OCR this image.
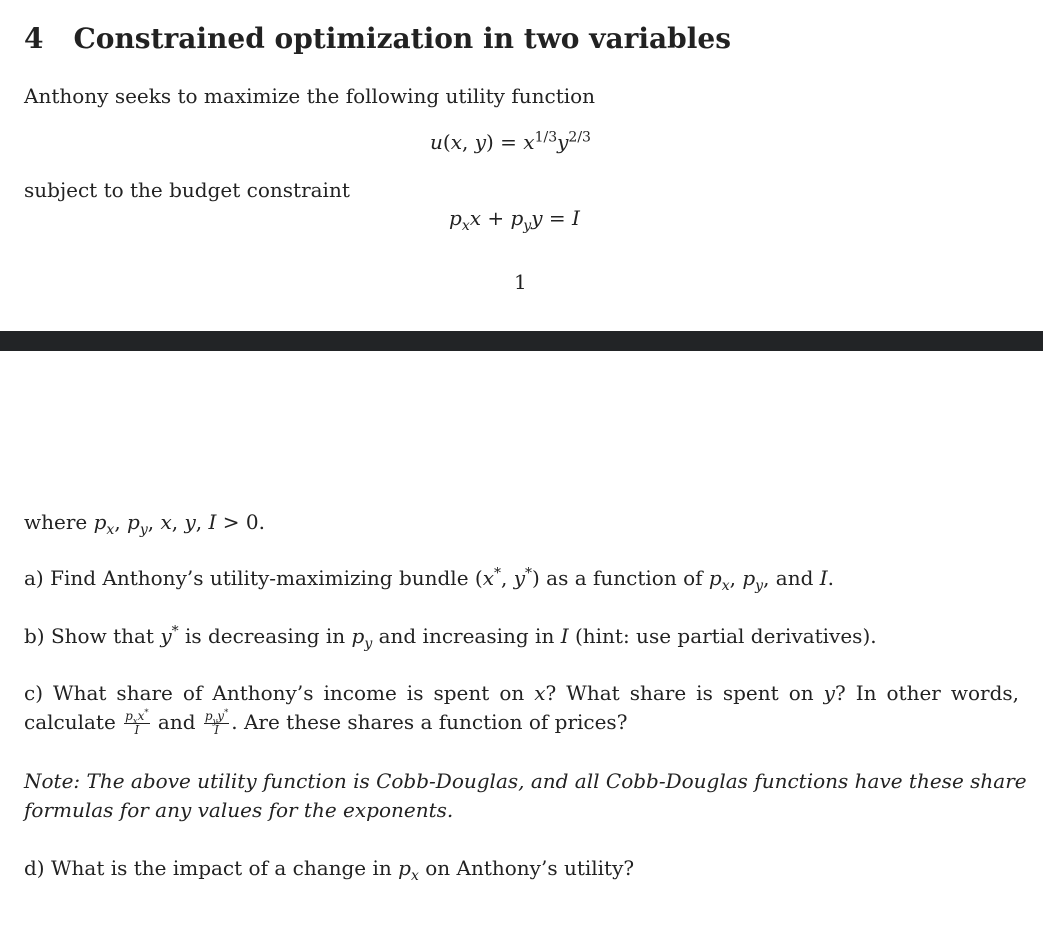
4 Constrained optimization in two variables
Anthony seeks to maximize the following utility function
u(x, $y) = x^{1/3}y^{2/3}$
subject to the budget constraint
$p_xx + p_yy = I$
1
where $p_x$, $p_y$, x, y, I > 0.
a) Find Anthony’s utility-maximizing bundle (x*, y*) as a function of $p_x$, $p_y$, and I.
b) Show that y* is decreasing in $p_y$ and increasing in I (hint: use partial derivatives).
c) What share of Anthony’s income is spent on x? What share is spent on y? In other words,
calculate $\frac{p_xx^*}{I}$ and $\frac{p_yy^*}{I}$ . Are these shares a function of prices?
Note: The above utility function is Cobb-Douglas, and all Cobb-Douglas functions have these share
formulas for any values for the exponents.
d) What is the impact of a change in $p_x$ on Anthony’s utility?
